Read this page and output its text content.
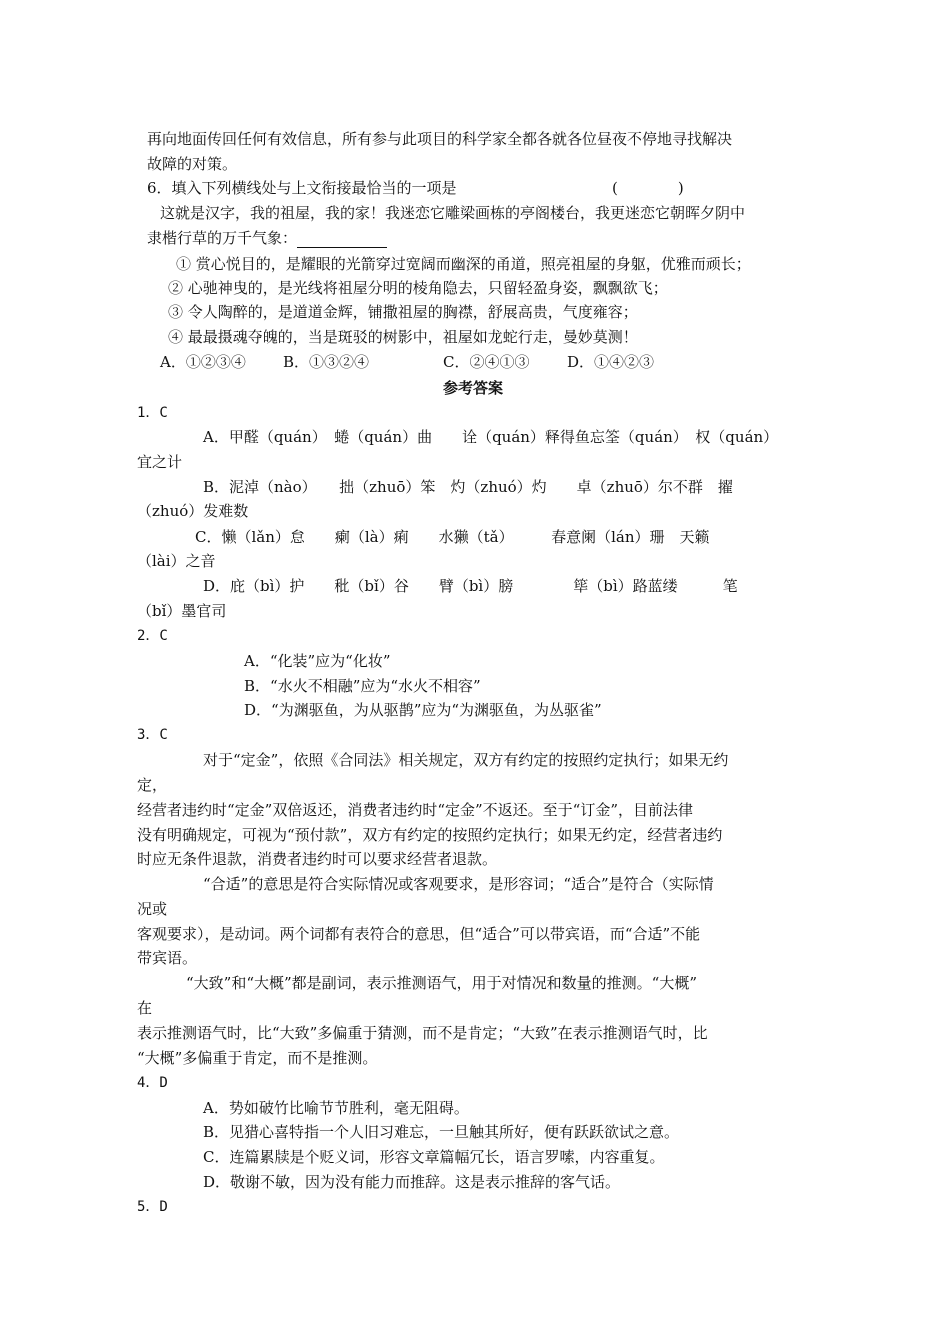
再向地面传回任何有效信息，所有参与此项目的科学家全都各就各位昼夜不停地寻找解决
故障的对策。
6．填入下列横线处与上文衔接最恰当的一项是	(　　　　)
这就是汉字，我的祖屋，我的家！我迷恋它雕梁画栋的亭阁楼台，我更迷恋它朝晖夕阴中
隶楷行草的万千气象：
① 赏心悦目的，是耀眼的光箭穿过宽阔而幽深的甬道，照亮祖屋的身躯，优雅而顽长；
② 心驰神曳的，是光线将祖屋分明的棱角隐去，只留轻盈身姿，飘飘欲飞；
③ 令人陶醉的，是道道金辉，铺撒祖屋的胸襟，舒展高贵，气度雍容；
④ 最最摄魂夺魄的，当是斑驳的树影中，祖屋如龙蛇行走，曼妙莫测！
A．①②③④ B．①③②④	C．②④①③	D．①④②③
参考答案
1．C
A．甲醛（quán）　蜷（quán）曲　　诠（quán）释得鱼忘筌（quán）　权（quán）
宜之计
B．泥淖（nào）　　拙（zhuō）笨　灼（zhuó）灼　　卓（zhuō）尔不群　擢
（zhuó）发难数
C．懒（lǎn）怠　　瘌（là）痢　　水獭（tǎ）　　　春意阑（lán）珊　天籁
（lài）之音
D．庇（bì）护　　秕（bǐ）谷　　臂（bì）膀　　　　筚（bì）路蓝缕　　　笔
（bǐ）墨官司
2．C
A．“化装”应为“化妆”
B．“水火不相融”应为“水火不相容”
D．“为渊驱鱼，为从驱鹊”应为“为渊驱鱼，为丛驱雀”
3．C
对于“定金”，依照《合同法》相关规定，双方有约定的按照约定执行；如果无约
定，
经营者违约时“定金”双倍返还，消费者违约时“定金”不返还。至于“订金”，目前法律
没有明确规定，可视为“预付款”，双方有约定的按照约定执行；如果无约定，经营者违约
时应无条件退款，消费者违约时可以要求经营者退款。
“合适”的意思是符合实际情况或客观要求，是形容词；“适合”是符合（实际情
况或
客观要求），是动词。两个词都有表符合的意思，但“适合”可以带宾语，而“合适”不能
带宾语。
“大致”和“大概”都是副词，表示推测语气，用于对情况和数量的推测。“大概”
在
表示推测语气时，比“大致”多偏重于猜测，而不是肯定；“大致”在表示推测语气时，比
“大概”多偏重于肯定，而不是推测。
4．D
A．势如破竹比喻节节胜利，毫无阻碍。
B．见猎心喜特指一个人旧习难忘，一旦触其所好，便有跃跃欲试之意。
C．连篇累牍是个贬义词，形容文章篇幅冗长，语言罗嗦，内容重复。
D．敬谢不敏，因为没有能力而推辞。这是表示推辞的客气话。
5．D
